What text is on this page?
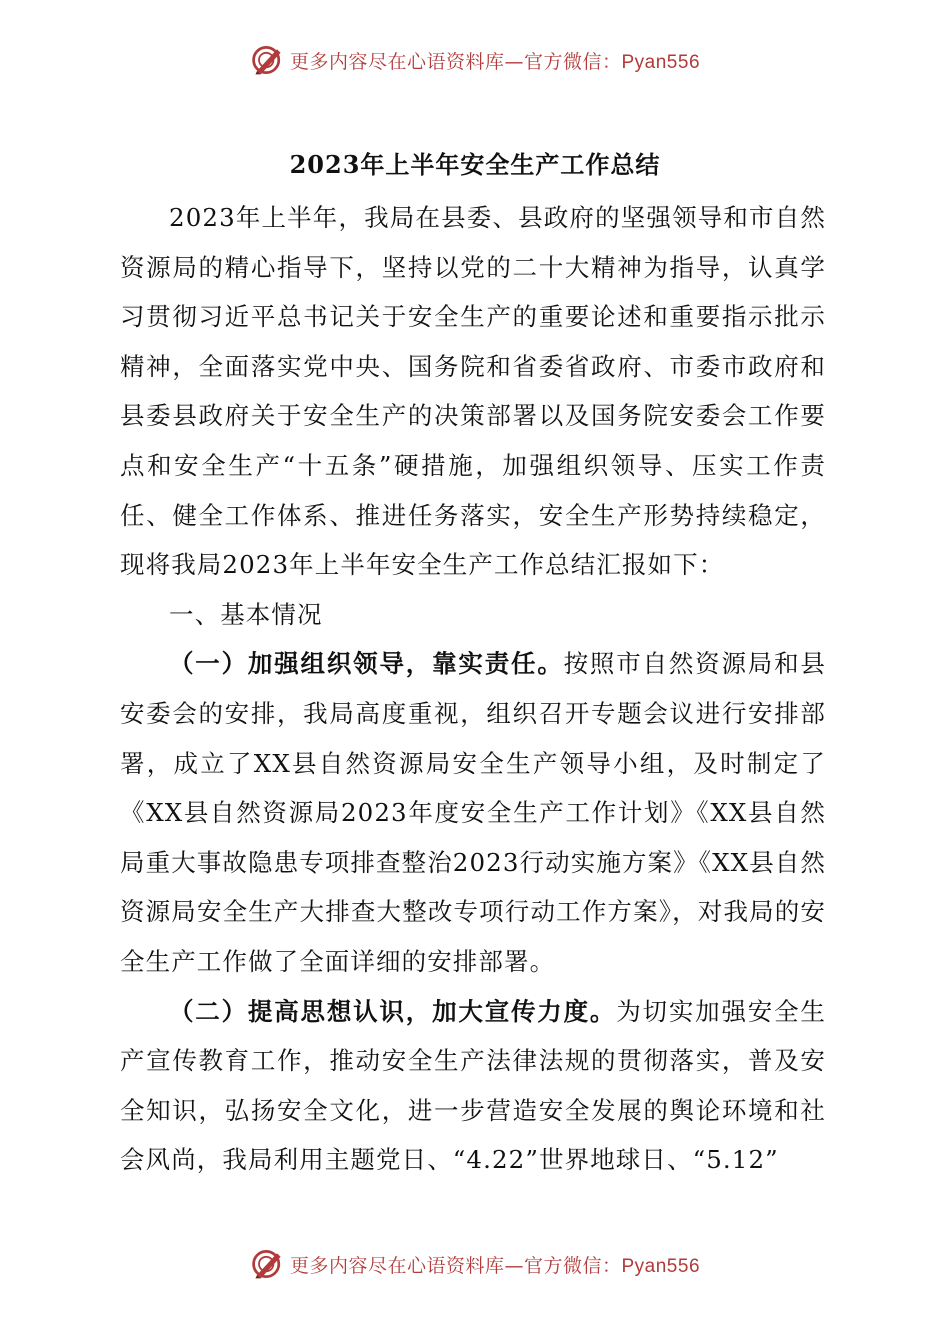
更多内容尽在心语资料库—官方微信：Pyan556
2023年上半年安全生产工作总结

2023年上半年，我局在县委、县政府的坚强领导和市自然资源局的精心指导下，坚持以党的二十大精神为指导，认真学习贯彻习近平总书记关于安全生产的重要论述和重要指示批示精神，全面落实党中央、国务院和省委省政府、市委市政府和县委县政府关于安全生产的决策部署以及国务院安委会工作要点和安全生产“十五条”硬措施，加强组织领导、压实工作责任、健全工作体系、推进任务落实，安全生产形势持续稳定，现将我局2023年上半年安全生产工作总结汇报如下：

一、基本情况

（一）加强组织领导，靠实责任。按照市自然资源局和县安委会的安排，我局高度重视，组织召开专题会议进行安排部署，成立了XX县自然资源局安全生产领导小组，及时制定了《XX县自然资源局2023年度安全生产工作计划》《XX县自然局重大事故隐患专项排查整治2023行动实施方案》《XX县自然资源局安全生产大排查大整改专项行动工作方案》，对我局的安全生产工作做了全面详细的安排部署。

（二）提高思想认识，加大宣传力度。为切实加强安全生产宣传教育工作，推动安全生产法律法规的贯彻落实，普及安全知识，弘扬安全文化，进一步营造安全发展的舆论环境和社会风尚，我局利用主题党日、“4.22”世界地球日、“5.12”

更多内容尽在心语资料库—官方微信：Pyan556
